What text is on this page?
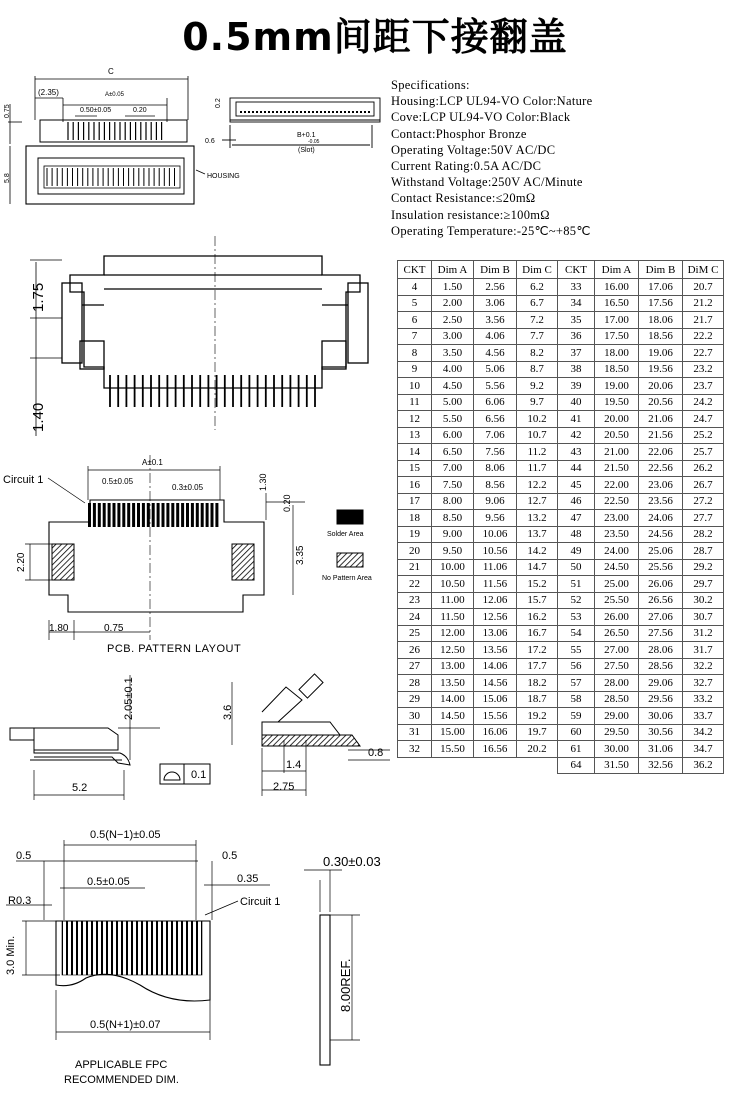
0.5mm间距下接翻盖
C
(2.35)	A±0.05
0.50±0.05	0.20
0.75
5.8	HOUSING
0.2
0.6
B+0.1
-0.05
(Slot)
1.75
1.40
Circuit 1
A±0.1
0.5±0.05
0.3±0.05	1.30
0.20
2.20	3.35
1.80	0.75
Solder Area
No Pattern Area
PCB. PATTERN LAYOUT
2.05±0.1
5.2
0.1
3.6
1.4
2.75
0.8
0.5(N−1)±0.05
0.5	0.5
0.35
0.5±0.05
R0.3	Circuit 1
3.0 Min.
0.5(N+1)±0.07
0.30±0.03
8.00REF.
APPLICABLE FPC
RECOMMENDED DIM.
Specifications:
Housing:LCP UL94-VO Color:Nature
Cove:LCP UL94-VO Color:Black
Contact:Phosphor Bronze
Operating Voltage:50V AC/DC
Current Rating:0.5A AC/DC
Withstand Voltage:250V AC/Minute
Contact Resistance:≤20mΩ
Insulation resistance:≥100mΩ
Operating Temperature:-25℃~+85℃
CKT	Dim A	Dim B	Dim C	CKT	Dim A	Dim B	DiM C
4	1.50	2.56	6.2	33	16.00	17.06	20.7
5	2.00	3.06	6.7	34	16.50	17.56	21.2
6	2.50	3.56	7.2	35	17.00	18.06	21.7
7	3.00	4.06	7.7	36	17.50	18.56	22.2
8	3.50	4.56	8.2	37	18.00	19.06	22.7
9	4.00	5.06	8.7	38	18.50	19.56	23.2
10	4.50	5.56	9.2	39	19.00	20.06	23.7
11	5.00	6.06	9.7	40	19.50	20.56	24.2
12	5.50	6.56	10.2	41	20.00	21.06	24.7
13	6.00	7.06	10.7	42	20.50	21.56	25.2
14	6.50	7.56	11.2	43	21.00	22.06	25.7
15	7.00	8.06	11.7	44	21.50	22.56	26.2
16	7.50	8.56	12.2	45	22.00	23.06	26.7
17	8.00	9.06	12.7	46	22.50	23.56	27.2
18	8.50	9.56	13.2	47	23.00	24.06	27.7
19	9.00	10.06	13.7	48	23.50	24.56	28.2
20	9.50	10.56	14.2	49	24.00	25.06	28.7
21	10.00	11.06	14.7	50	24.50	25.56	29.2
22	10.50	11.56	15.2	51	25.00	26.06	29.7
23	11.00	12.06	15.7	52	25.50	26.56	30.2
24	11.50	12.56	16.2	53	26.00	27.06	30.7
25	12.00	13.06	16.7	54	26.50	27.56	31.2
26	12.50	13.56	17.2	55	27.00	28.06	31.7
27	13.00	14.06	17.7	56	27.50	28.56	32.2
28	13.50	14.56	18.2	57	28.00	29.06	32.7
29	14.00	15.06	18.7	58	28.50	29.56	33.2
30	14.50	15.56	19.2	59	29.00	30.06	33.7
31	15.00	16.06	19.7	60	29.50	30.56	34.2
32	15.50	16.56	20.2	61	30.00	31.06	34.7
				64	31.50	32.56	36.2
